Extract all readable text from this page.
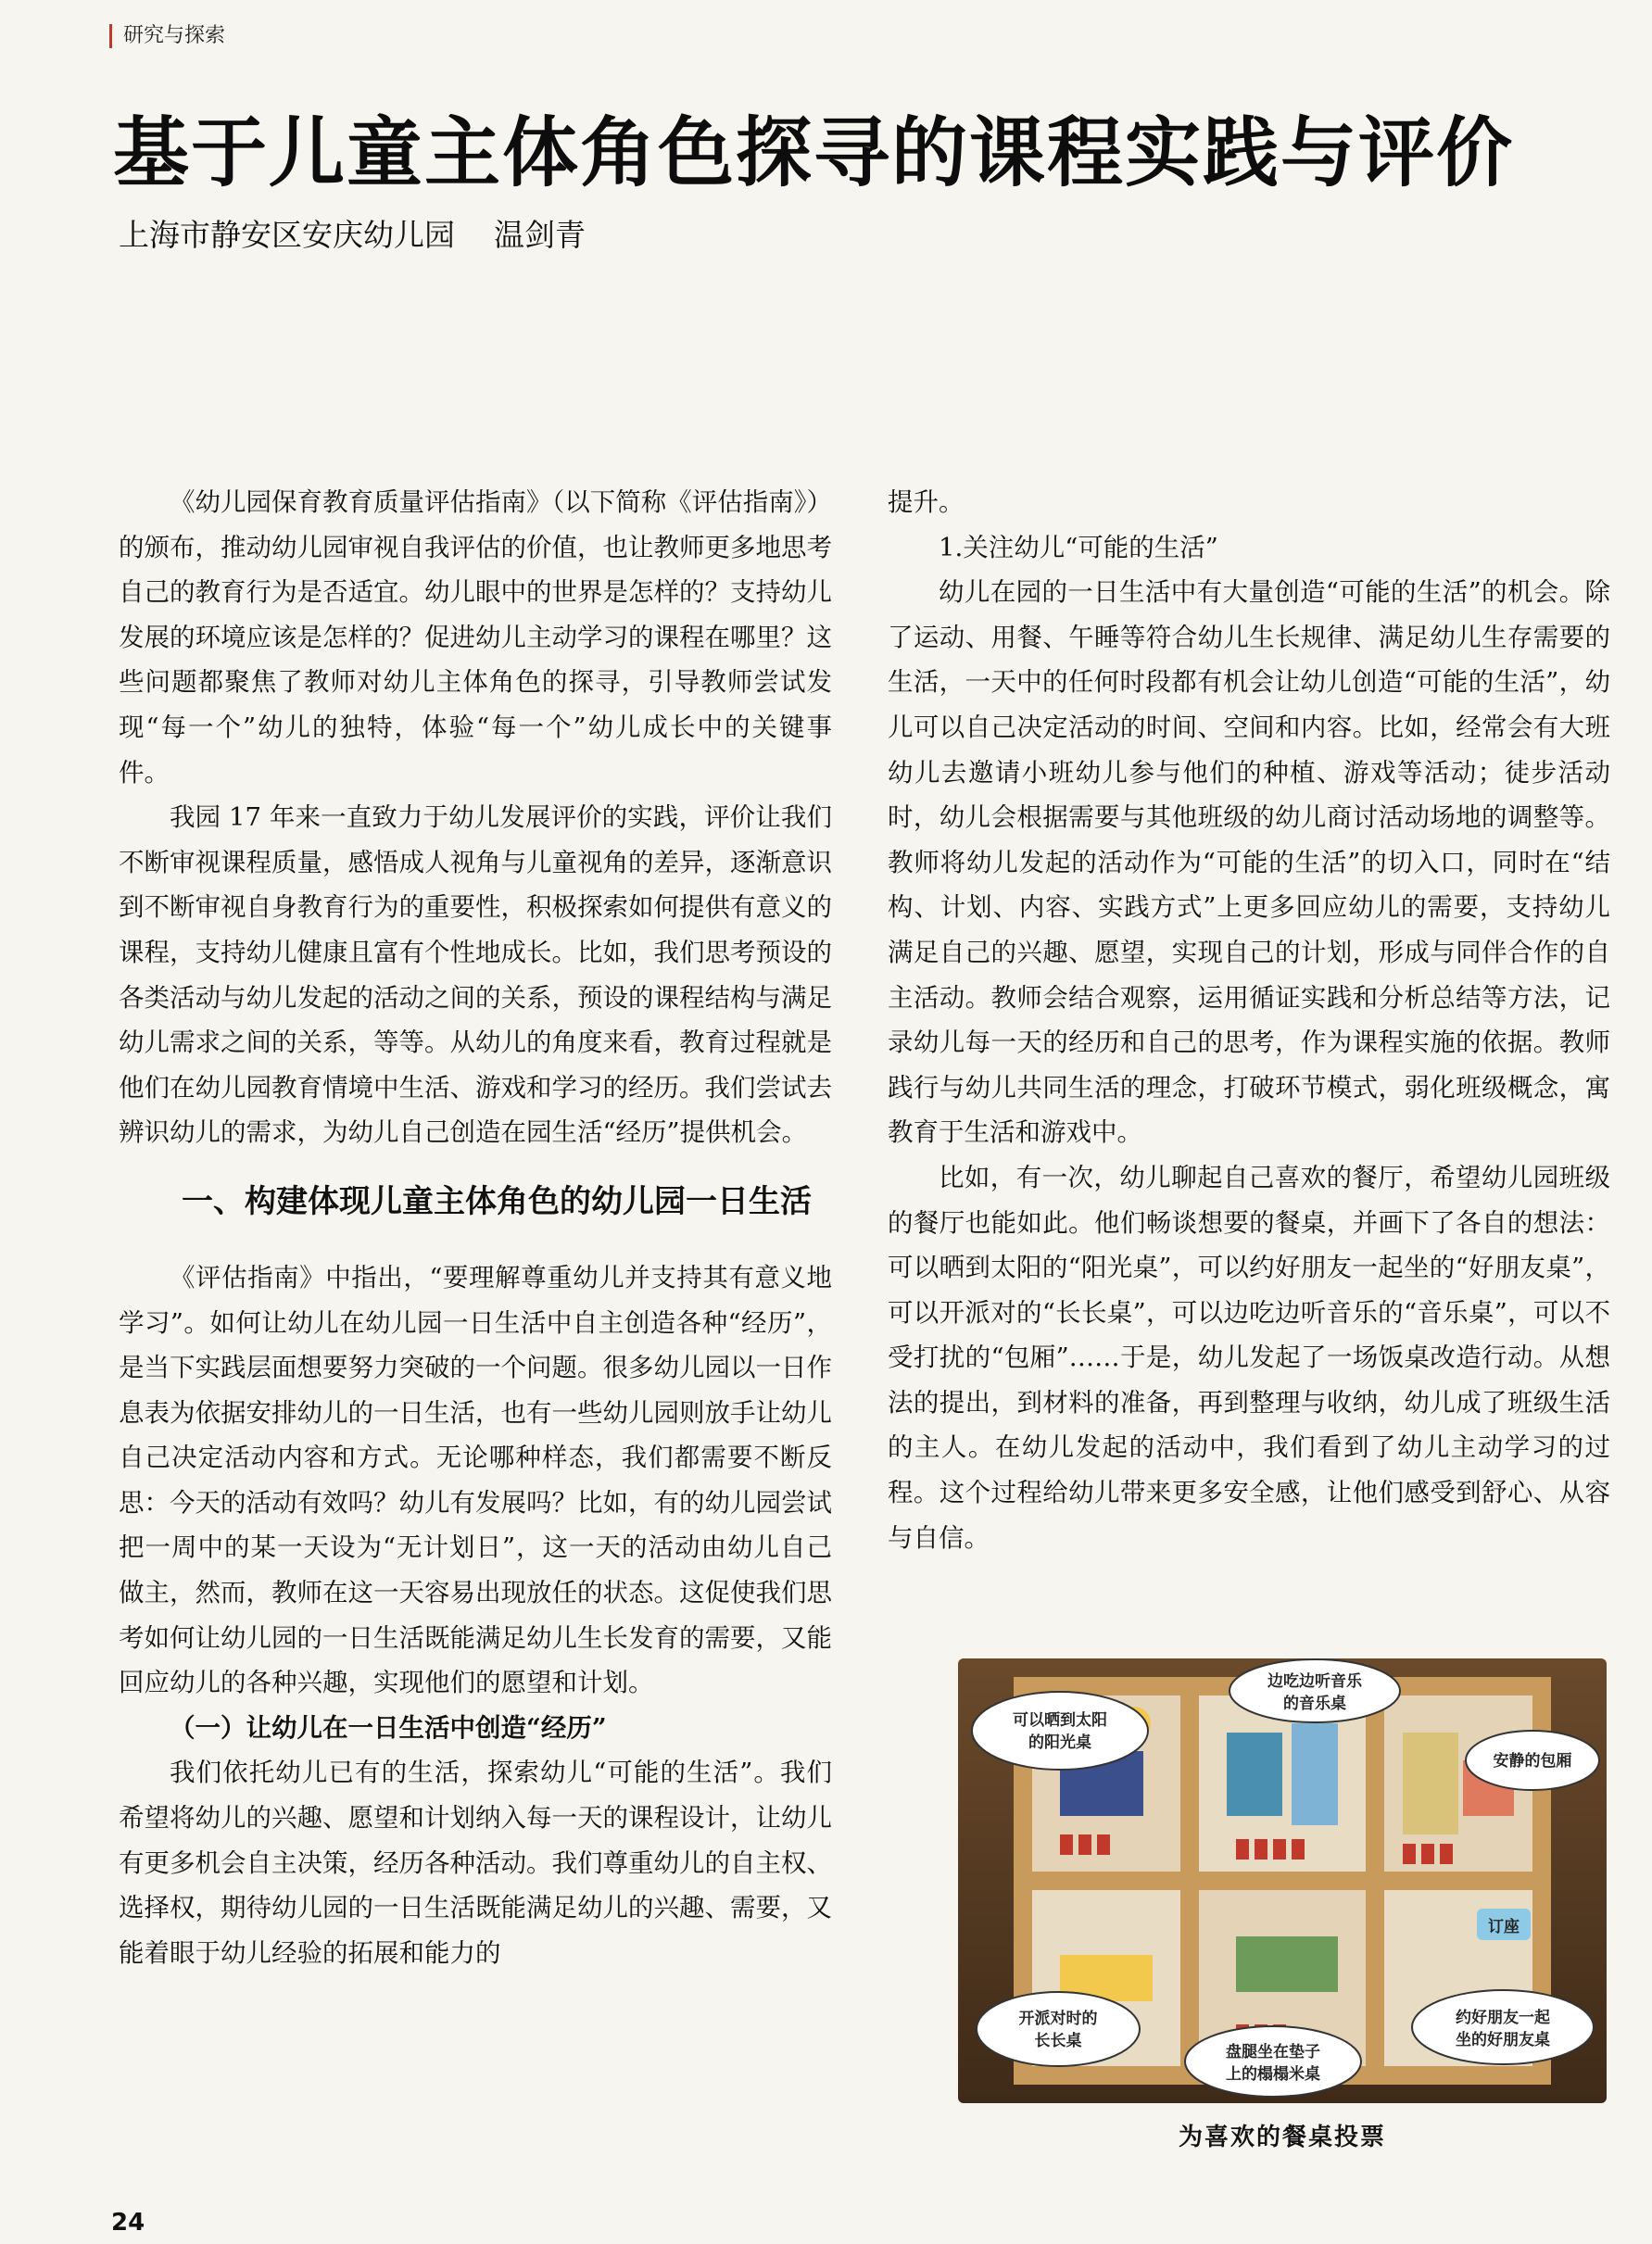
研究与探索
基于儿童主体角色探寻的课程实践与评价
上海市静安区安庆幼儿园 温剑青

《幼儿园保育教育质量评估指南》（以下简称《评估指南》）的颁布，推动幼儿园审视自我评估的价值，也让教师更多地思考自己的教育行为是否适宜。幼儿眼中的世界是怎样的？支持幼儿发展的环境应该是怎样的？促进幼儿主动学习的课程在哪里？这些问题都聚焦了教师对幼儿主体角色的探寻，引导教师尝试发现“每一个”幼儿的独特，体验“每一个”幼儿成长中的关键事件。

我园 17 年来一直致力于幼儿发展评价的实践，评价让我们不断审视课程质量，感悟成人视角与儿童视角的差异，逐渐意识到不断审视自身教育行为的重要性，积极探索如何提供有意义的课程，支持幼儿健康且富有个性地成长。比如，我们思考预设的各类活动与幼儿发起的活动之间的关系，预设的课程结构与满足幼儿需求之间的关系，等等。从幼儿的角度来看，教育过程就是他们在幼儿园教育情境中生活、游戏和学习的经历。我们尝试去辨识幼儿的需求，为幼儿自己创造在园生活“经历”提供机会。

一、构建体现儿童主体角色的幼儿园一日生活

《评估指南》中指出，“要理解尊重幼儿并支持其有意义地学习”。如何让幼儿在幼儿园一日生活中自主创造各种“经历”，是当下实践层面想要努力突破的一个问题。很多幼儿园以一日作息表为依据安排幼儿的一日生活，也有一些幼儿园则放手让幼儿自己决定活动内容和方式。无论哪种样态，我们都需要不断反思：今天的活动有效吗？幼儿有发展吗？比如，有的幼儿园尝试把一周中的某一天设为“无计划日”，这一天的活动由幼儿自己做主，然而，教师在这一天容易出现放任的状态。这促使我们思考如何让幼儿园的一日生活既能满足幼儿生长发育的需要，又能回应幼儿的各种兴趣，实现他们的愿望和计划。

（一）让幼儿在一日生活中创造“经历”

我们依托幼儿已有的生活，探索幼儿“可能的生活”。我们希望将幼儿的兴趣、愿望和计划纳入每一天的课程设计，让幼儿有更多机会自主决策，经历各种活动。我们尊重幼儿的自主权、选择权，期待幼儿园的一日生活既能满足幼儿的兴趣、需要，又能着眼于幼儿经验的拓展和能力的

提升。

1.关注幼儿“可能的生活”

幼儿在园的一日生活中有大量创造“可能的生活”的机会。除了运动、用餐、午睡等符合幼儿生长规律、满足幼儿生存需要的生活，一天中的任何时段都有机会让幼儿创造“可能的生活”，幼儿可以自己决定活动的时间、空间和内容。比如，经常会有大班幼儿去邀请小班幼儿参与他们的种植、游戏等活动；徒步活动时，幼儿会根据需要与其他班级的幼儿商讨活动场地的调整等。教师将幼儿发起的活动作为“可能的生活”的切入口，同时在“结构、计划、内容、实践方式”上更多回应幼儿的需要，支持幼儿满足自己的兴趣、愿望，实现自己的计划，形成与同伴合作的自主活动。教师会结合观察，运用循证实践和分析总结等方法，记录幼儿每一天的经历和自己的思考，作为课程实施的依据。教师践行与幼儿共同生活的理念，打破环节模式，弱化班级概念，寓教育于生活和游戏中。

比如，有一次，幼儿聊起自己喜欢的餐厅，希望幼儿园班级的餐厅也能如此。他们畅谈想要的餐桌，并画下了各自的想法：可以晒到太阳的“阳光桌”，可以约好朋友一起坐的“好朋友桌”，可以开派对的“长长桌”，可以边吃边听音乐的“音乐桌”，可以不受打扰的“包厢”……于是，幼儿发起了一场饭桌改造行动。从想法的提出，到材料的准备，再到整理与收纳，幼儿成了班级生活的主人。在幼儿发起的活动中，我们看到了幼儿主动学习的过程。这个过程给幼儿带来更多安全感，让他们感受到舒心、从容与自信。

订座
可以晒到太阳
的阳光桌
边吃边听音乐
的音乐桌
安静的包厢
开派对时的
长长桌
盘腿坐在垫子
上的榻榻米桌
约好朋友一起
坐的好朋友桌
为喜欢的餐桌投票
24
